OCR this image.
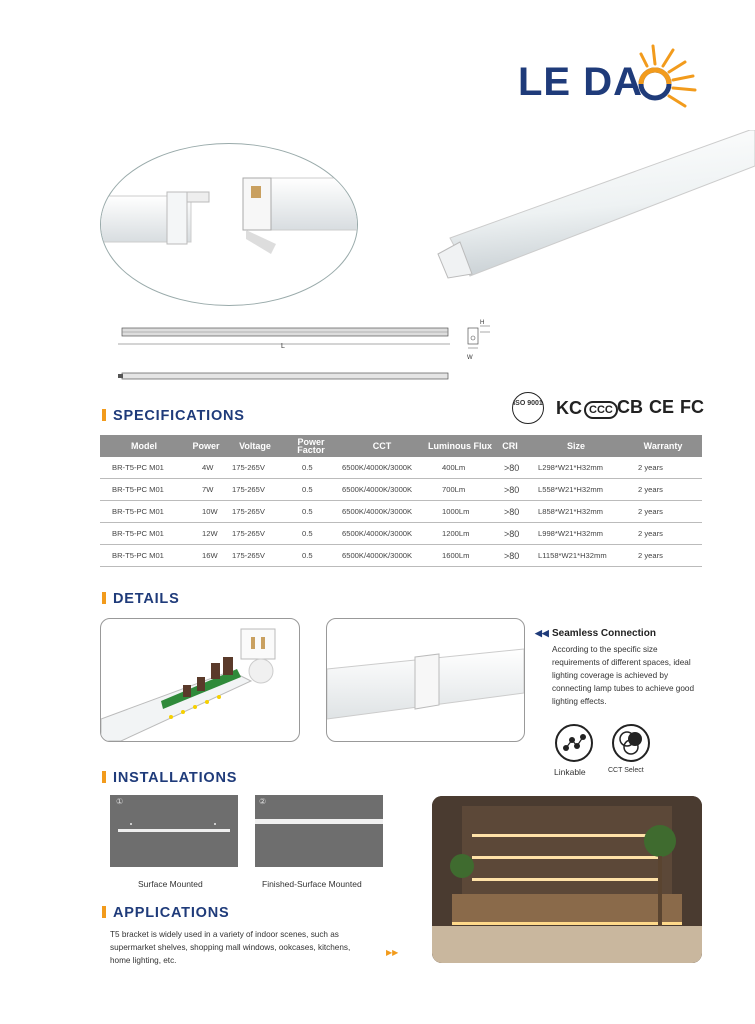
LE DA
L
W
H
ISO 9001 KC CCC CB CE FC
SPECIFICATIONS
Model	Power	Voltage	Power Factor	CCT	Luminous Flux	CRI	Size	Warranty
BR-T5-PC M01	4W	175-265V	0.5	6500K/4000K/3000K	400Lm	>80	L298*W21*H32mm	2 years
BR-T5-PC M01	7W	175-265V	0.5	6500K/4000K/3000K	700Lm	>80	L558*W21*H32mm	2 years
BR-T5-PC M01	10W	175-265V	0.5	6500K/4000K/3000K	1000Lm	>80	L858*W21*H32mm	2 years
BR-T5-PC M01	12W	175-265V	0.5	6500K/4000K/3000K	1200Lm	>80	L998*W21*H32mm	2 years
BR-T5-PC M01	16W	175-265V	0.5	6500K/4000K/3000K	1600Lm	>80	L1158*W21*H32mm	2 years
DETAILS
◀◀ Seamless Connection
According to the specific size requirements of different spaces, ideal lighting coverage is achieved by connecting lamp tubes to achieve good lighting effects.
Linkable	CCT Select
INSTALLATIONS
①	②
Surface Mounted	Finished-Surface Mounted
APPLICATIONS
T5 bracket is widely used in a variety of indoor scenes, such as supermarket shelves, shopping mall windows, ookcases, kitchens, home lighting, etc.
▶▶
